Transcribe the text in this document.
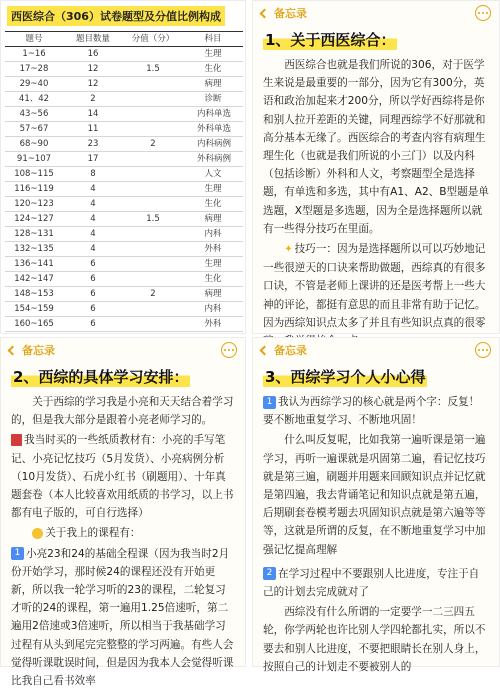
西医综合（306）试卷题型及分值比例构成
题号	题目数量	分值（分）	科目
1~16	16		生理
17~28	12	1.5	生化
29~40	12		病理
41、42	2		诊断
43~56	14		内科单选
57~67	11		外科单选
68~90	23	2	内科病例
91~107	17		外科病例
108~115	8		人文
116~119	4		生理
120~123	4		生化
124~127	4	1.5	病理
128~131	4		内科
132~135	4		外科
136~141	6		生理
142~147	6		生化
148~153	6	2	病理
154~159	6		内科
160~165	6		外科
备忘录
1、关于西医综合：

西医综合也就是我们所说的306，对于医学生来说是最重要的一部分，因为它有300分，英语和政治加起来才200分，所以学好西综将是你和别人拉开差距的关键，同理西综学不好那就和高分基本无缘了。西医综合的考查内容有病理生理生化（也就是我们所说的小三门）以及内科（包括诊断）外科和人文，考察题型全是选择题，有单选和多选，其中有A1、A2、B型题是单选题，X型题是多选题，因为全是选择题所以就有一些得分技巧在里面。

✦ 技巧一：因为是选择题所以可以巧妙地记一些很逆天的口诀来帮助做题，西综真的有很多口诀，不管是老师上课讲的还是医考帮上一些大神的评论，都挺有意思的而且非常有助于记忆。因为西综知识点太多了并且有些知识点真的很零

备忘录
2、西综的具体学习安排：

关于西综的学习我是小亮和天天结合着学习的，但是我大部分是跟着小亮老师学习的。

我当时买的一些纸质教材有：小亮的手写笔记、小亮记忆技巧（5月发货）、小亮病例分析（10月发货）、石虎小红书（刷题用）、十年真题套卷（本人比较喜欢用纸质的书学习，以上书都有电子版的，可自行选择）

关于我上的课程有：

1 小亮23和24的基础全程课（因为我当时2月份开始学习，那时候24的课程还没有开始更新，所以我一轮学习听的23的课程，二轮复习才听的24的课程，第一遍用1.25倍速听，第二遍用2倍速或3倍速听，所以相当于我基础学习过程有从头到尾完完整整的学习两遍。有些人会觉得听课耽误时间，但是因为我本人会觉得听课比我自己看书效率

备忘录
3、西综学习个人小心得

1 我认为西综学习的核心就是两个字：反复！要不断地重复学习、不断地巩固！

什么叫反复呢，比如我第一遍听课是第一遍学习，再听一遍课就是巩固第二遍，看记忆技巧就是第三遍，刷题并用题来回顾知识点并记忆就是第四遍，我去背诵笔记和知识点就是第五遍，后期刷套卷模考题去巩固知识点就是第六遍等等等，这就是所谓的反复，在不断地重复学习中加强记忆提高理解

2 在学习过程中不要跟别人比进度，专注于自己的计划去完成就对了

西综没有什么所谓的一定要学一二三四五轮，你学两轮也许比别人学四轮都扎实，所以不要去和别人比进度，不要把眼睛长在别人身上，按照自己的计划走不要被别人的
